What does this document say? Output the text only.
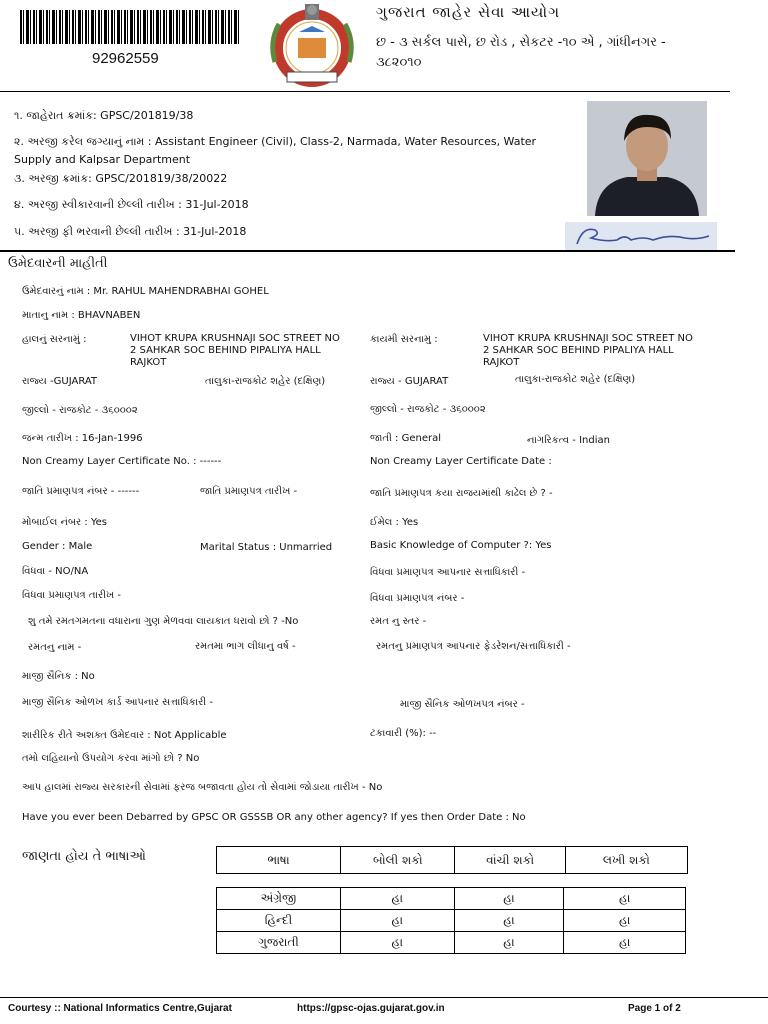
92962559
ગુજરાત જાહેર સેવા આયોગ
છ - ૩ સર્કલ પાસે, છ રોડ , સેકટર -૧૦ એ , ગાંધીનગર -
૩૮૨૦૧૦
૧. જાહેરાત ક્રમાંક: GPSC/201819/38
૨. અરજી કરેલ જગ્યાનું નામ : Assistant Engineer (Civil), Class-2, Narmada, Water Resources, Water
Supply and Kalpsar Department
૩. અરજી ક્રમાંક: GPSC/201819/38/20022
૪. અરજી સ્વીકારવાની છેલ્લી તારીખ : 31-Jul-2018
૫. અરજી ફી ભરવાની છેલ્લી તારીખ : 31-Jul-2018
ઉમેદવારની માહીતી
ઉમેદવારનું નામ : Mr. RAHUL MAHENDRABHAI GOHEL
માતાનુ નામ : BHAVNABEN
હાલનું સરનામું :	VIHOT KRUPA KRUSHNAJI SOC STREET NO
2 SAHKAR SOC BEHIND PIPALIYA HALL
RAJKOT
કાયમી સરનામુ :	VIHOT KRUPA KRUSHNAJI SOC STREET NO
2 SAHKAR SOC BEHIND PIPALIYA HALL
RAJKOT
રાજ્ય -GUJARAT	તાલુકા-રાજકોટ શહેર (દક્ષિણ)	રાજ્ય - GUJARAT	તાલુકા-રાજકોટ શહેર (દક્ષિણ)
જીલ્લો - રાજકોટ - ૩૬૦૦૦૨	જીલ્લો - રાજકોટ - ૩૬૦૦૦૨
જન્મ તારીખ : 16-Jan-1996	જાતી : General	નાગરિકત્વ - Indian
Non Creamy Layer Certificate No. : ------	Non Creamy Layer Certificate Date :
જાતિ પ્રમાણપત્ર નંબર - ------	જાતિ પ્રમાણપત્ર તારીખ -	જાતિ પ્રમાણપત્ર કયા રાજયમાંથી કાઢેલ છે ? -
મોબાઈલ નંબર : Yes	ઈમેલ : Yes
Gender : Male	Marital Status : Unmarried	Basic Knowledge of Computer ?: Yes
વિધવા - NO/NA	વિધવા પ્રમાણપત્ર આપનાર સત્તાધિકારી -
વિધવા પ્રમાણપત્ર તારીખ -	વિધવા પ્રમાણપત્ર નંબર -
શુ તમે રમતગમતના વધારાના ગુણ મેળવવા લાયકાત ધરાવો છો ? -No	રમત નુ સ્તર -
રમતનુ નામ -	રમતમા ભાગ લીધાનુ વર્ષ -	રમતનુ પ્રમાણપત્ર આપનાર ફેડરેશન/સત્તાધિકારી -
માજી સૈનિક : No
માજી સૈનિક ઓળખ કાર્ડ આપનાર સત્તાધિકારી -	માજી સૈનિક ઓળખપત્ર નંબર -
શારીરિક રીતે અશક્ત ઉમેદવાર : Not Applicable	ટકાવારી (%): --
તમો લહિયાનો ઉપયોગ કરવા માંગો છો ? No
આપ હાલમાં રાજ્ય સરકારની સેવામાં ફરજ બજાવતા હોય તો સેવામાં જોડાયા તારીખ - No
Have you ever been Debarred by GPSC OR GSSSB OR any other agency? If yes then Order Date : No
જાણતા હોય તે ભાષાઓ	ભાષા	બોલી શકો	વાંચી શકો	લખી શકો
અંગ્રેજી	હા	હા	હા
હિન્દી	હા	હા	હા
ગુજરાતી	હા	હા	હા
Courtesy :: National Informatics Centre,Gujarat	https://gpsc-ojas.gujarat.gov.in	Page 1 of 2
